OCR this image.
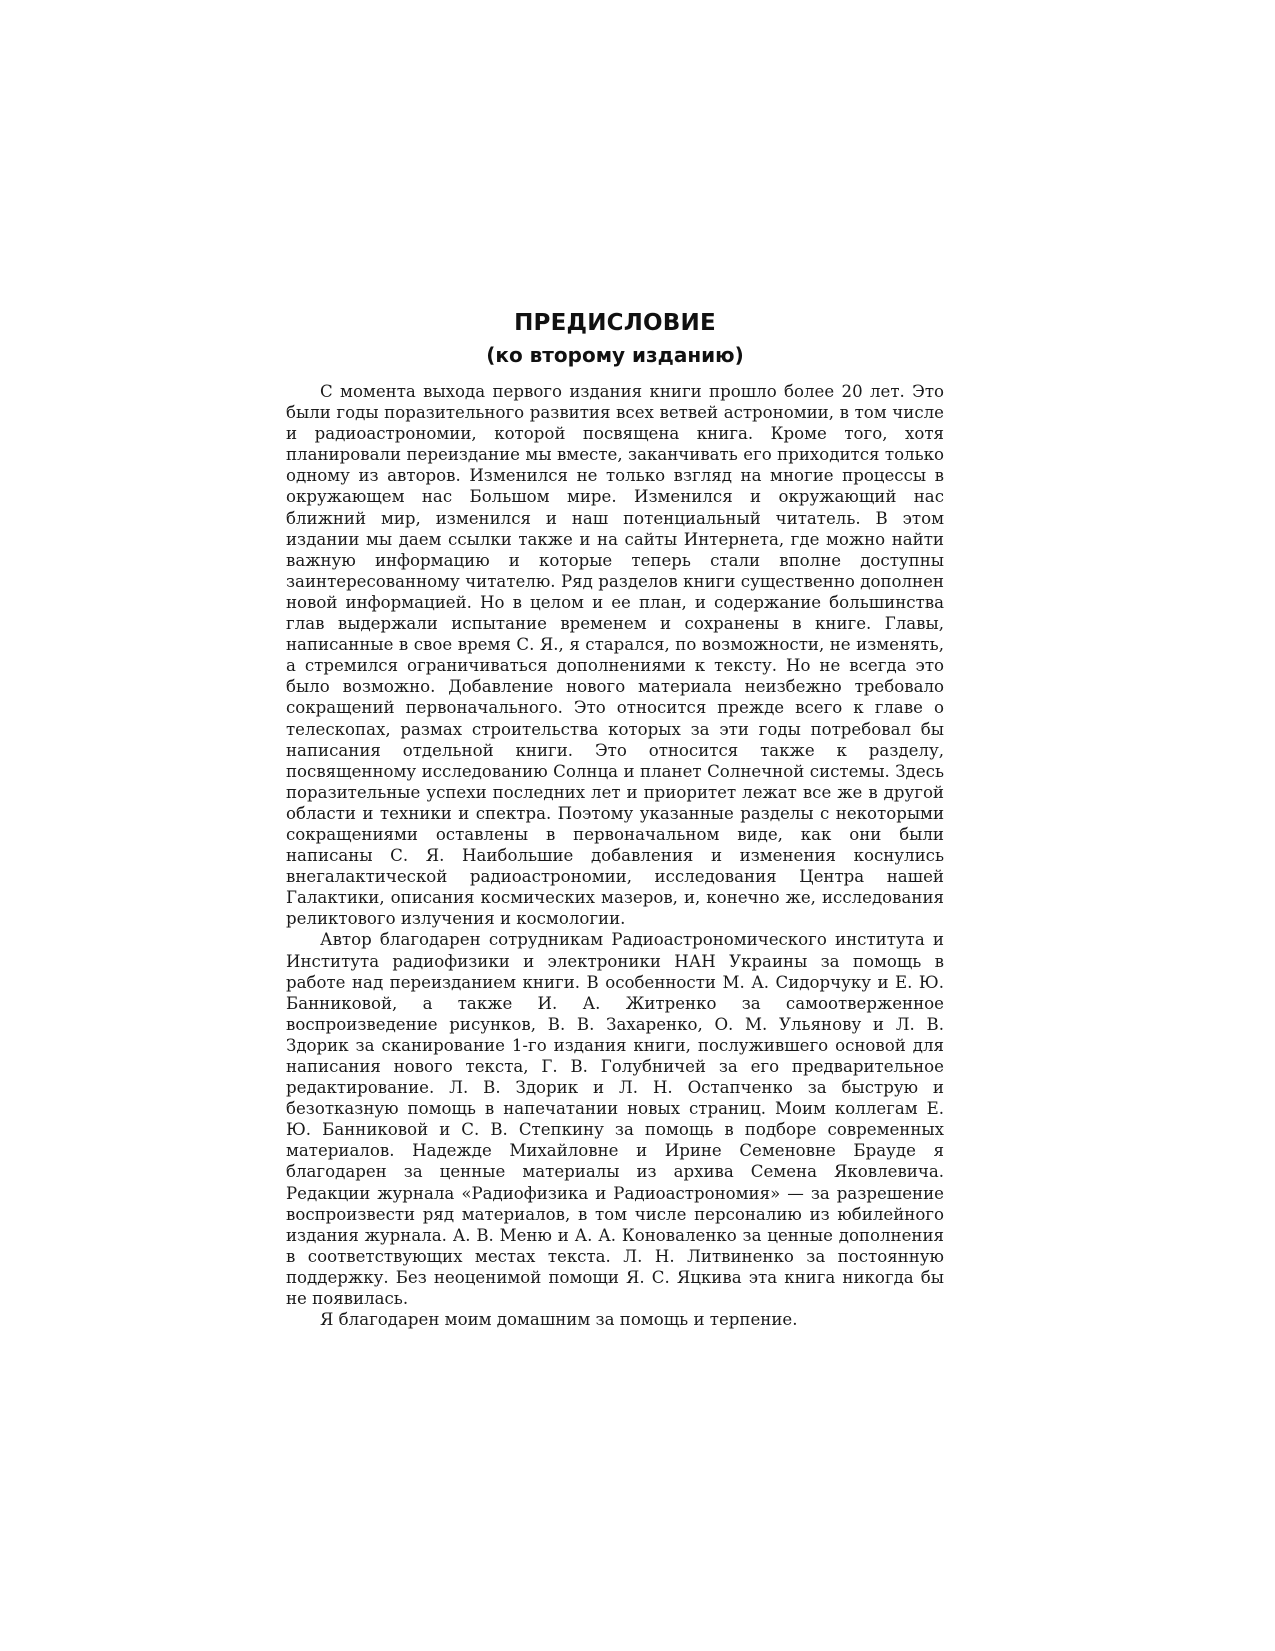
ПРЕДИСЛОВИЕ
(ко второму изданию)

С момента выхода первого издания книги прошло более 20 лет. Это были годы поразительного развития всех ветвей астрономии, в том числе и радиоастрономии, которой посвящена книга. Кроме того, хотя планировали переиздание мы вместе, заканчивать его приходится только одному из авторов. Изменился не только взгляд на многие процессы в окружающем нас Большом мире. Изменился и окружающий нас ближний мир, изменился и наш потенциальный читатель. В этом издании мы даем ссылки также и на сайты Интернета, где можно найти важную информацию и которые теперь стали вполне доступны заинтересованному читателю. Ряд разделов книги существенно дополнен новой информацией. Но в целом и ее план, и содержание большинства глав выдержали испытание временем и сохранены в книге. Главы, написанные в свое время С. Я., я старался, по возможности, не изменять, а стремился ограничиваться дополнениями к тексту. Но не всегда это было возможно. Добавление нового материала неизбежно требовало сокращений первоначального. Это относится прежде всего к главе о телескопах, размах строительства которых за эти годы потребовал бы написания отдельной книги. Это относится также к разделу, посвященному исследованию Солнца и планет Солнечной системы. Здесь поразительные успехи последних лет и приоритет лежат все же в другой области и техники и спектра. Поэтому указанные разделы с некоторыми сокращениями оставлены в первоначальном виде, как они были написаны С. Я. Наибольшие добавления и изменения коснулись внегалактической радиоастрономии, исследования Центра нашей Галактики, описания космических мазеров, и, конечно же, исследования реликтового излучения и космологии.

Автор благодарен сотрудникам Радиоастрономического института и Института радиофизики и электроники НАН Украины за помощь в работе над переизданием книги. В особенности М. А. Сидорчуку и Е. Ю. Банниковой, а также И. А. Житренко за самоотверженное воспроизведение рисунков, В. В. Захаренко, О. М. Ульянову и Л. В. Здорик за сканирование 1-го издания книги, послужившего основой для написания нового текста, Г. В. Голубничей за его предварительное редактирование. Л. В. Здорик и Л. Н. Остапченко за быструю и безотказную помощь в напечатании новых страниц. Моим коллегам Е. Ю. Банниковой и С. В. Степкину за помощь в подборе современных материалов. Надежде Михайловне и Ирине Семеновне Брауде я благодарен за ценные материалы из архива Семена Яковлевича. Редакции журнала «Радиофизика и Радиоастрономия» — за разрешение воспроизвести ряд материалов, в том числе персоналию из юбилейного издания журнала. А. В. Меню и А. А. Коноваленко за ценные дополнения в соответствующих местах текста. Л. Н. Литвиненко за постоянную поддержку. Без неоценимой помощи Я. С. Яцкива эта книга никогда бы не появилась.

Я благодарен моим домашним за помощь и терпение.
